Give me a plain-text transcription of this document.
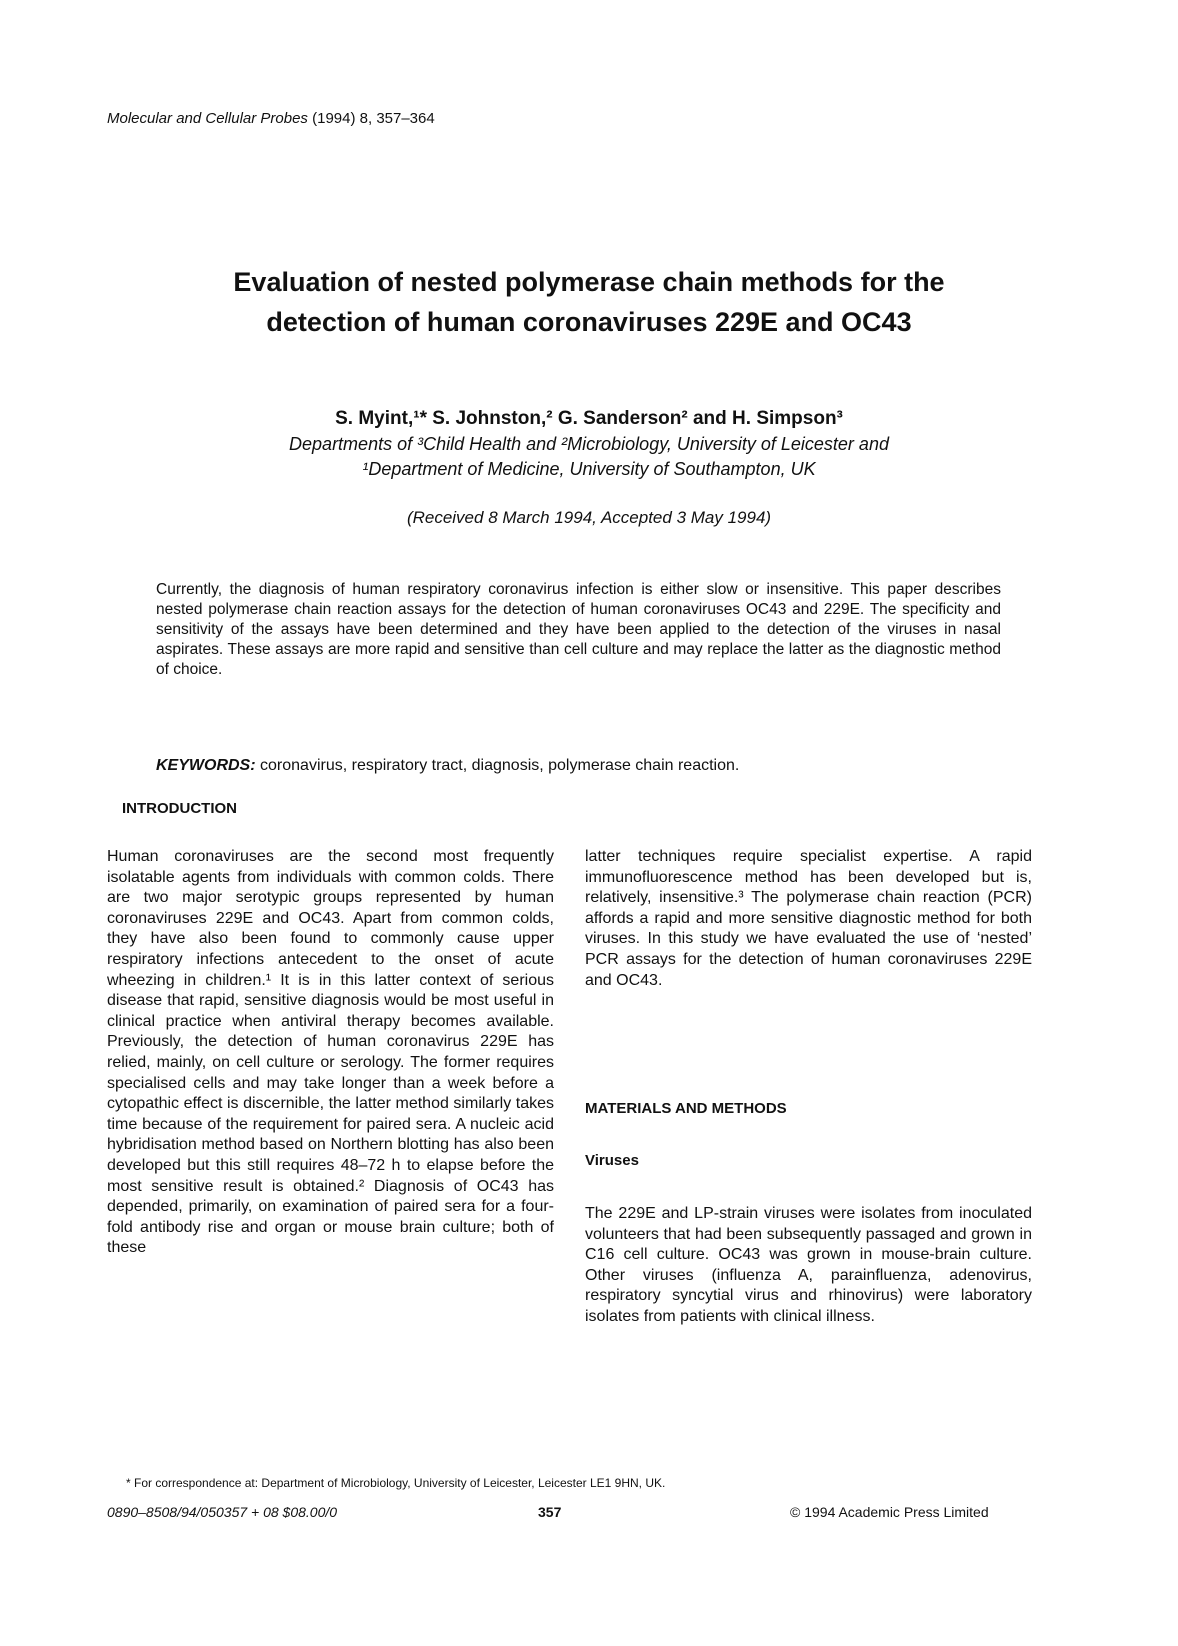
Molecular and Cellular Probes (1994) 8, 357–364
Evaluation of nested polymerase chain methods for the
detection of human coronaviruses 229E and OC43
S. Myint,¹* S. Johnston,² G. Sanderson² and H. Simpson³
Departments of ³Child Health and ²Microbiology, University of Leicester and
¹Department of Medicine, University of Southampton, UK
(Received 8 March 1994, Accepted 3 May 1994)
Currently, the diagnosis of human respiratory coronavirus infection is either slow or insensitive. This paper describes nested polymerase chain reaction assays for the detection of human coronaviruses OC43 and 229E. The specificity and sensitivity of the assays have been determined and they have been applied to the detection of the viruses in nasal aspirates. These assays are more rapid and sensitive than cell culture and may replace the latter as the diagnostic method of choice.
KEYWORDS: coronavirus, respiratory tract, diagnosis, polymerase chain reaction.
INTRODUCTION
Human coronaviruses are the second most frequently isolatable agents from individuals with common colds. There are two major serotypic groups represented by human coronaviruses 229E and OC43. Apart from common colds, they have also been found to commonly cause upper respiratory infections antecedent to the onset of acute wheezing in children.¹ It is in this latter context of serious disease that rapid, sensitive diagnosis would be most useful in clinical practice when antiviral therapy becomes available. Previously, the detection of human coronavirus 229E has relied, mainly, on cell culture or serology. The former requires specialised cells and may take longer than a week before a cytopathic effect is discernible, the latter method similarly takes time because of the requirement for paired sera. A nucleic acid hybridisation method based on Northern blotting has also been developed but this still requires 48–72 h to elapse before the most sensitive result is obtained.² Diagnosis of OC43 has depended, primarily, on examination of paired sera for a four-fold antibody rise and organ or mouse brain culture; both of these
latter techniques require specialist expertise. A rapid immunofluorescence method has been developed but is, relatively, insensitive.³ The polymerase chain reaction (PCR) affords a rapid and more sensitive diagnostic method for both viruses. In this study we have evaluated the use of ‘nested’ PCR assays for the detection of human coronaviruses 229E and OC43.
MATERIALS AND METHODS
Viruses
The 229E and LP-strain viruses were isolates from inoculated volunteers that had been subsequently passaged and grown in C16 cell culture. OC43 was grown in mouse-brain culture. Other viruses (influenza A, parainfluenza, adenovirus, respiratory syncytial virus and rhinovirus) were laboratory isolates from patients with clinical illness.
* For correspondence at: Department of Microbiology, University of Leicester, Leicester LE1 9HN, UK.
0890–8508/94/050357 + 08 $08.00/0	357	© 1994 Academic Press Limited
